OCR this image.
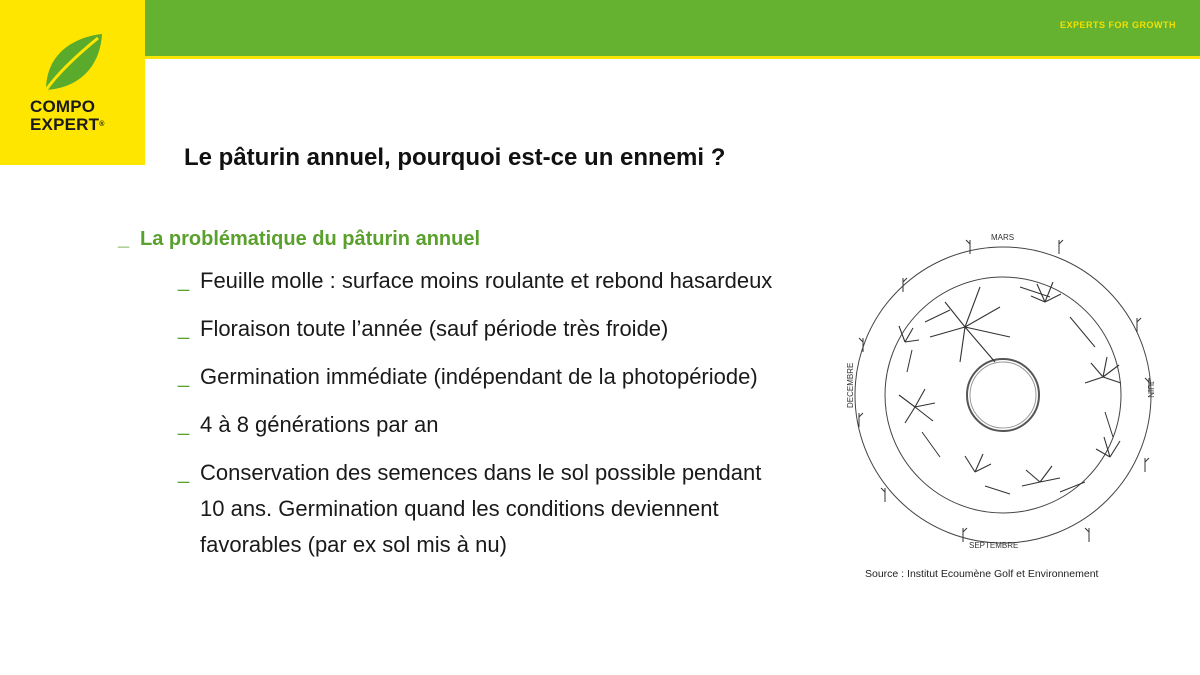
EXPERTS FOR GROWTH
COMPO
EXPERT®
Le pâturin annuel, pourquoi est-ce un ennemi ?
_ La problématique du pâturin annuel
_ Feuille molle : surface moins roulante et rebond hasardeux
_ Floraison toute l’année (sauf période très froide)
_ Germination immédiate (indépendant de la photopériode)
_ 4 à 8 générations par an
_ Conservation des semences dans le sol possible pendant 10 ans. Germination quand les conditions deviennent favorables (par ex sol mis à nu)
MARS
JUIN
SEPTEMBRE
DECEMBRE
Source : Institut Ecoumène Golf et Environnement
